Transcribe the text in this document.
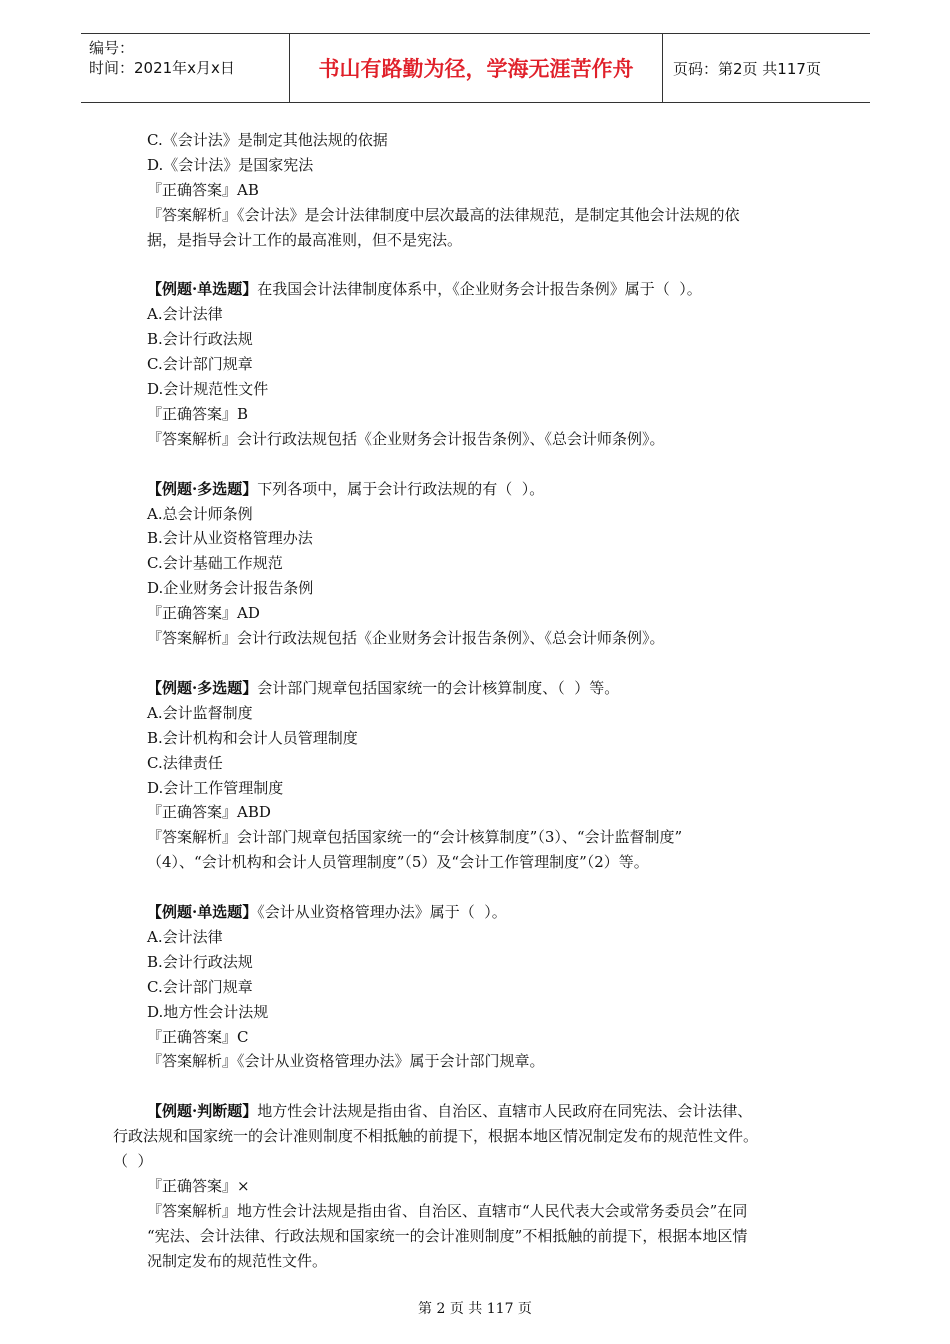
编号：
时间：2021年x月x日	书山有路勤为径，学海无涯苦作舟	页码：第2页 共117页
C.《会计法》是制定其他法规的依据
D.《会计法》是国家宪法
『正确答案』AB
『答案解析』《会计法》是会计法律制度中层次最高的法律规范，是制定其他会计法规的依
据，是指导会计工作的最高准则，但不是宪法。
【例题·单选题】在我国会计法律制度体系中，《企业财务会计报告条例》属于（  ）。
A.会计法律
B.会计行政法规
C.会计部门规章
D.会计规范性文件
『正确答案』B
『答案解析』会计行政法规包括《企业财务会计报告条例》、《总会计师条例》。
【例题·多选题】下列各项中，属于会计行政法规的有（  ）。
A.总会计师条例
B.会计从业资格管理办法
C.会计基础工作规范
D.企业财务会计报告条例
『正确答案』AD
『答案解析』会计行政法规包括《企业财务会计报告条例》、《总会计师条例》。
【例题·多选题】会计部门规章包括国家统一的会计核算制度、（  ）等。
A.会计监督制度
B.会计机构和会计人员管理制度
C.法律责任
D.会计工作管理制度
『正确答案』ABD
『答案解析』会计部门规章包括国家统一的“会计核算制度”（3）、“会计监督制度”
（4）、“会计机构和会计人员管理制度”（5）及“会计工作管理制度”（2）等。
【例题·单选题】《会计从业资格管理办法》属于（  ）。
A.会计法律
B.会计行政法规
C.会计部门规章
D.地方性会计法规
『正确答案』C
『答案解析』《会计从业资格管理办法》属于会计部门规章。
【例题·判断题】地方性会计法规是指由省、自治区、直辖市人民政府在同宪法、会计法律、
行政法规和国家统一的会计准则制度不相抵触的前提下，根据本地区情况制定发布的规范性文件。
（  ）
『正确答案』×
『答案解析』地方性会计法规是指由省、自治区、直辖市“人民代表大会或常务委员会”在同
“宪法、会计法律、行政法规和国家统一的会计准则制度”不相抵触的前提下，根据本地区情
况制定发布的规范性文件。
第 2 页 共 117 页
